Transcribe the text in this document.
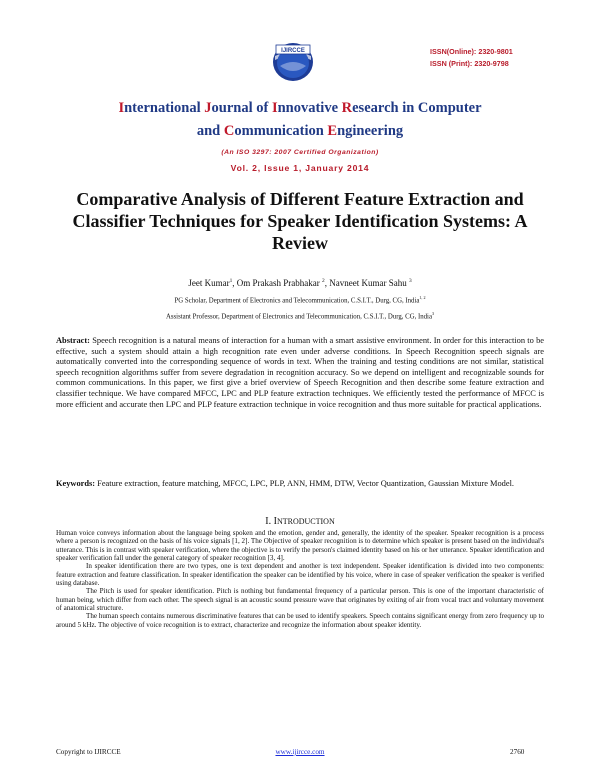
IJIRCCE	ISSN(Online): 2320-9801
ISSN (Print): 2320-9798
International Journal of Innovative Research in Computer
and Communication Engineering
(An ISO 3297: 2007 Certified Organization)
Vol. 2, Issue 1, January 2014
Comparative Analysis of Different Feature Extraction and Classifier Techniques for Speaker Identification Systems: A Review
Jeet Kumar$^1$, Om Prakash Prabhakar $^2$, Navneet Kumar Sahu $^3$
PG Scholar, Department of Electronics and Telecommunication, C.S.I.T., Durg, CG, India$^{1, 2}$
Assistant Professor, Department of Electronics and Telecommunication, C.S.I.T., Durg, CG, India$^3$
Abstract: Speech recognition is a natural means of interaction for a human with a smart assistive environment. In order for this interaction to be effective, such a system should attain a high recognition rate even under adverse conditions. In Speech Recognition speech signals are automatically converted into the corresponding sequence of words in text. When the training and testing conditions are not similar, statistical speech recognition algorithms suffer from severe degradation in recognition accuracy. So we depend on intelligent and recognizable sounds for common communications. In this paper, we first give a brief overview of Speech Recognition and then describe some feature extraction and classifier technique. We have compared MFCC, LPC and PLP feature extraction techniques. We efficiently tested the performance of MFCC is more efficient and accurate then LPC and PLP feature extraction technique in voice recognition and thus more suitable for practical applications.
Keywords: Feature extraction, feature matching, MFCC, LPC, PLP, ANN, HMM, DTW, Vector Quantization, Gaussian Mixture Model.
I. INTRODUCTION

Human voice conveys information about the language being spoken and the emotion, gender and, generally, the identity of the speaker. Speaker recognition is a process where a person is recognized on the basis of his voice signals [1, 2]. The Objective of speaker recognition is to determine which speaker is present based on the individual's utterance. This is in contrast with speaker verification, where the objective is to verify the person's claimed identity based on his or her utterance. Speaker identification and speaker verification fall under the general category of speaker recognition [3, 4].

In speaker identification there are two types, one is text dependent and another is text independent. Speaker identification is divided into two components: feature extraction and feature classification. In speaker identification the speaker can be identified by his voice, where in case of speaker verification the speaker is verified using database.

The Pitch is used for speaker identification. Pitch is nothing but fundamental frequency of a particular person. This is one of the important characteristic of human being, which differ from each other. The speech signal is an acoustic sound pressure wave that originates by exiting of air from vocal tract and voluntary movement of anatomical structure.

The human speech contains numerous discriminative features that can be used to identify speakers. Speech contains significant energy from zero frequency up to around 5 kHz. The objective of voice recognition is to extract, characterize and recognize the information about speaker identity.

Copyright to IJIRCCE	www.ijircce.com	2760
